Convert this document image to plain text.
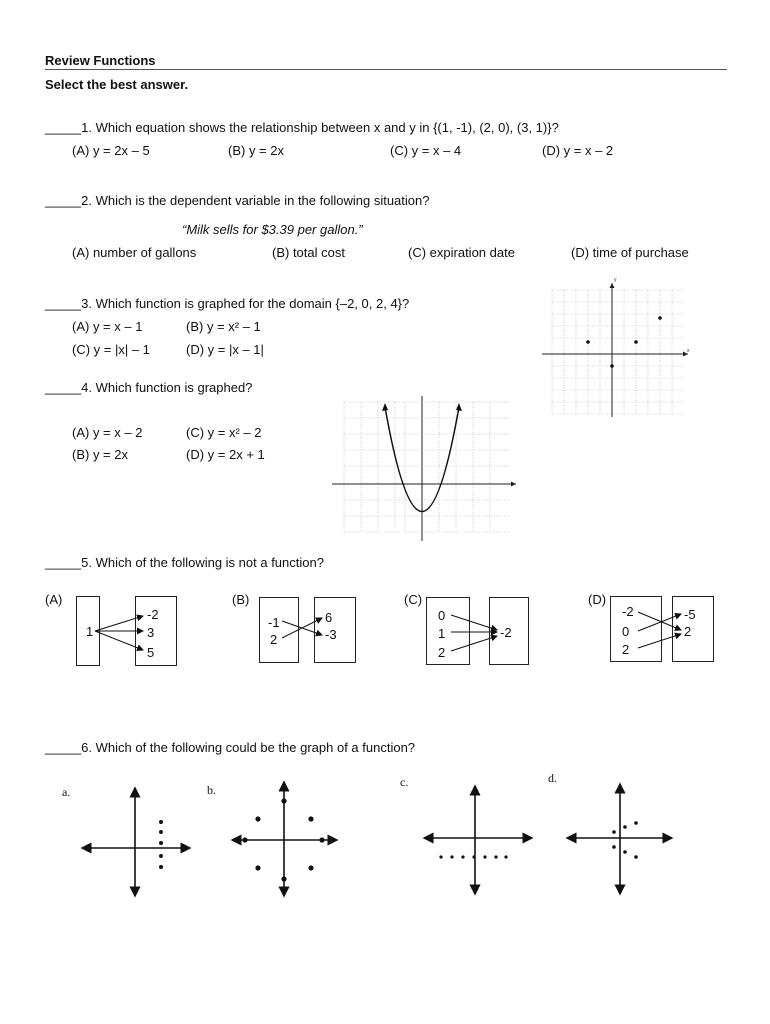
Review Functions
Select the best answer.
_____1. Which equation shows the relationship between x and y in {(1, -1), (2, 0), (3, 1)}?
(A) y = 2x – 5	(B) y = 2x	(C) y = x – 4	(D) y = x – 2
_____2. Which is the dependent variable in the following situation?
“Milk sells for $3.39 per gallon.”
(A) number of gallons	(B) total cost	(C) expiration date	(D) time of purchase
_____3. Which function is graphed for the domain {–2, 0, 2, 4}?
(A) y = x – 1	(B) y = x² – 1
(C) y = |x| – 1	(D) y = |x – 1|
y
x
_____4. Which function is graphed?
(A) y = x – 2	(C) y = x² – 2
(B) y = 2x	(D) y = 2x + 1
_____5. Which of the following is not a function?
(A)
1
-2
3
5
(B)
-1
2
6
-3
(C)
0
1
2
-2
(D)
-2
0
2
-5
2
_____6. Which of the following could be the graph of a function?
a.	b.
c.	d.
